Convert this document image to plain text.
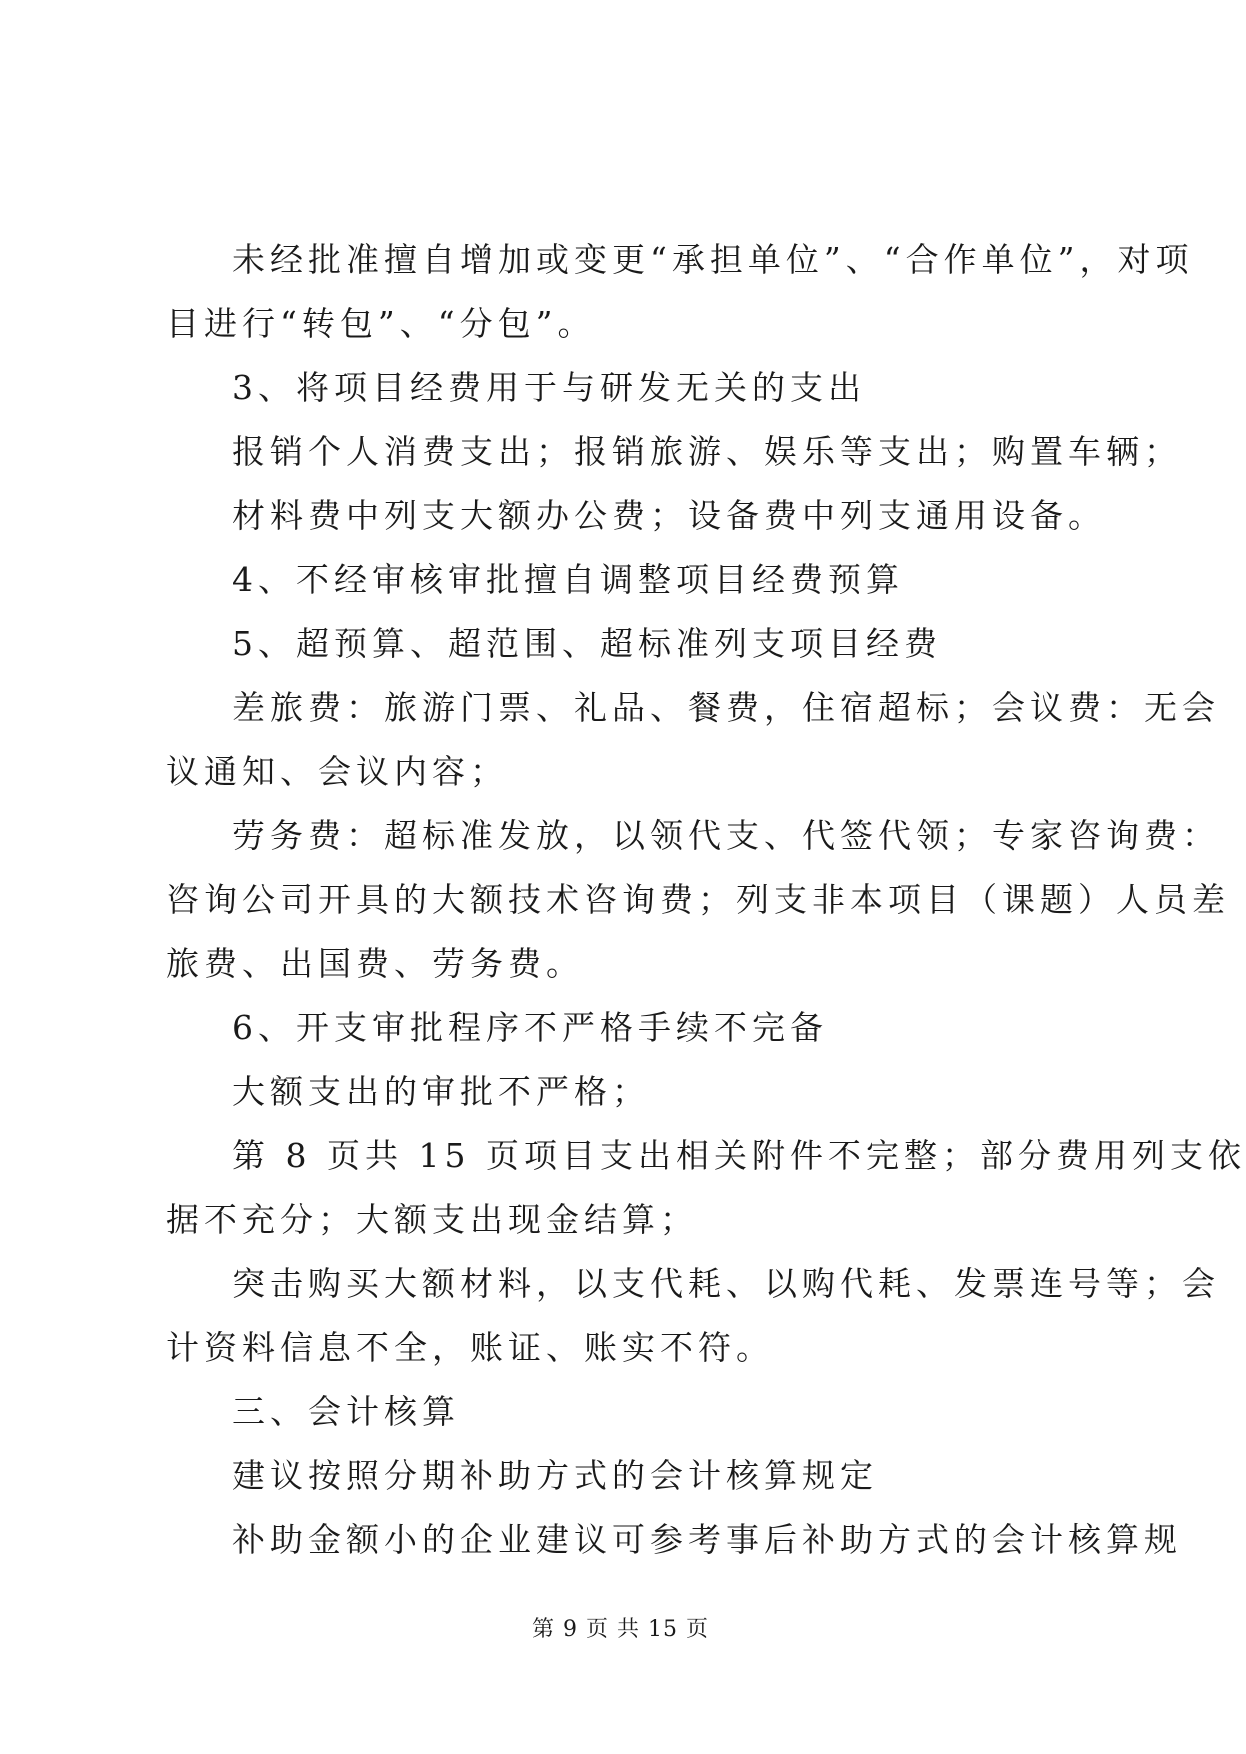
未经批准擅自增加或变更“承担单位”、“合作单位”，对项
目进行“转包”、“分包”。
3、将项目经费用于与研发无关的支出
报销个人消费支出；报销旅游、娱乐等支出；购置车辆；
材料费中列支大额办公费；设备费中列支通用设备。
4、不经审核审批擅自调整项目经费预算
5、超预算、超范围、超标准列支项目经费
差旅费：旅游门票、礼品、餐费，住宿超标；会议费：无会
议通知、会议内容；
劳务费：超标准发放，以领代支、代签代领；专家咨询费：
咨询公司开具的大额技术咨询费；列支非本项目（课题）人员差
旅费、出国费、劳务费。
6、开支审批程序不严格手续不完备
大额支出的审批不严格；
第 8 页共 15 页项目支出相关附件不完整；部分费用列支依
据不充分；大额支出现金结算；
突击购买大额材料，以支代耗、以购代耗、发票连号等；会
计资料信息不全，账证、账实不符。
三、会计核算
建议按照分期补助方式的会计核算规定
补助金额小的企业建议可参考事后补助方式的会计核算规
第 9 页 共 15 页
